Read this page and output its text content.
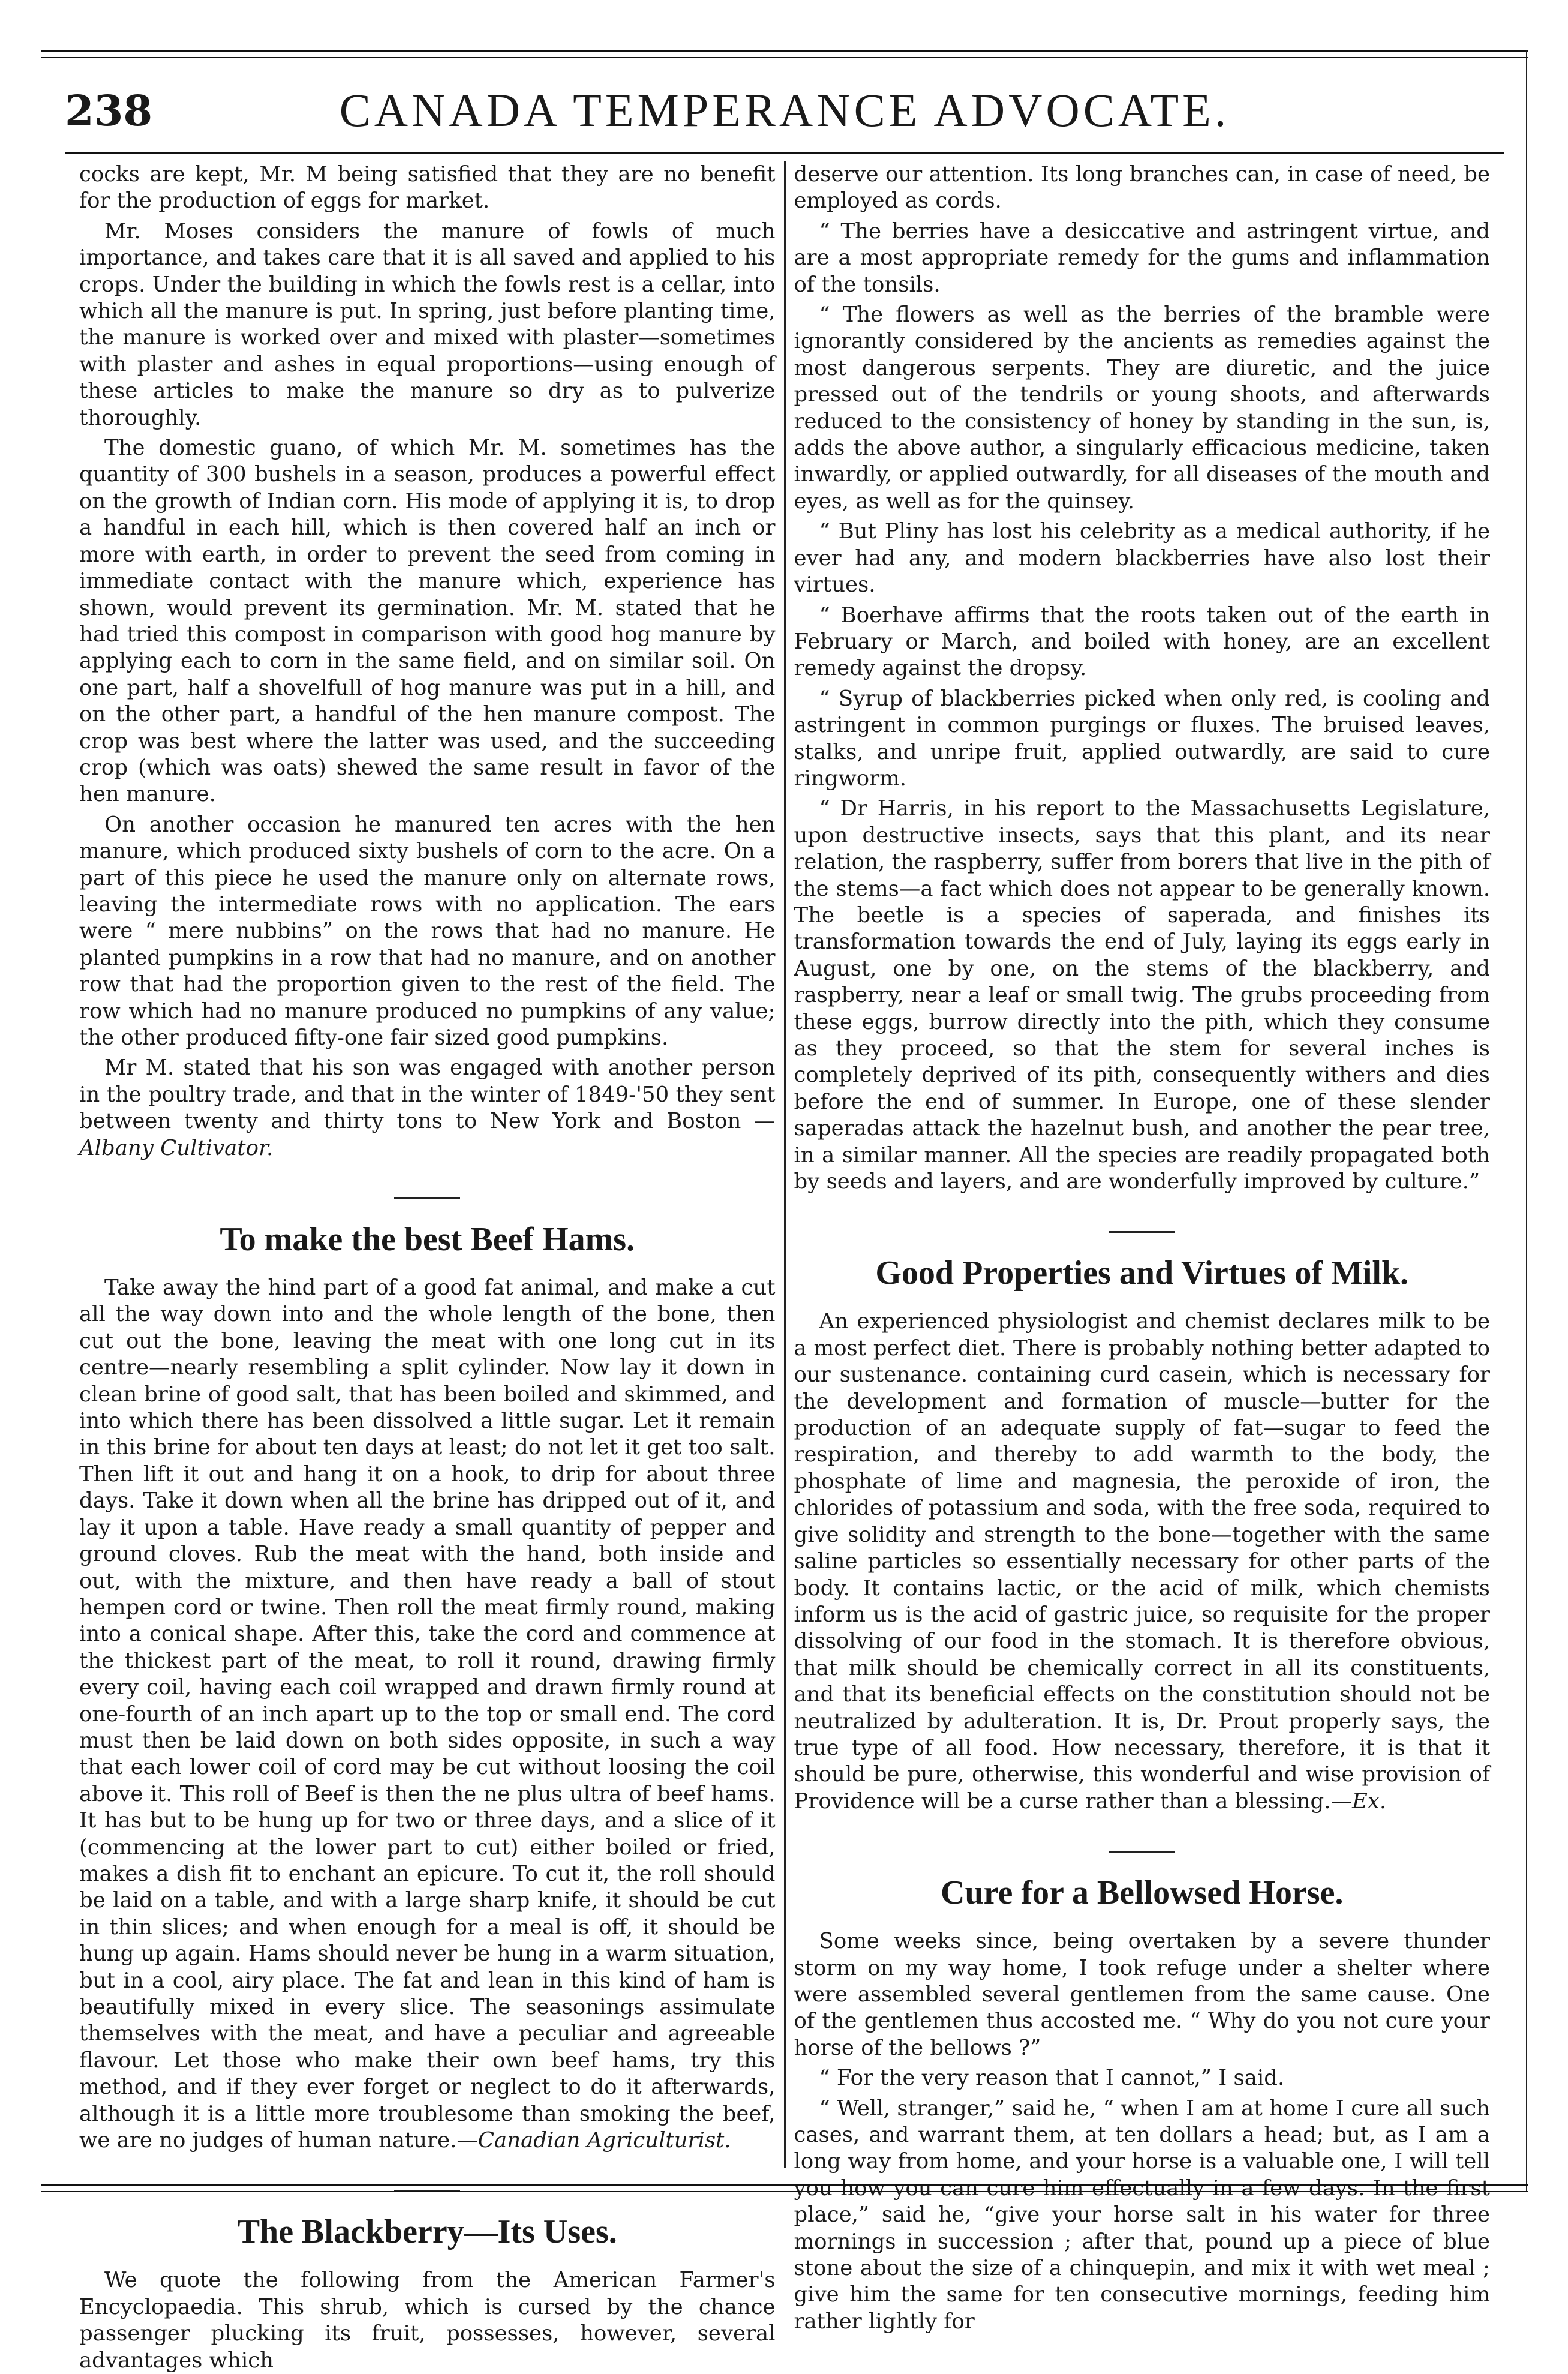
238	CANADA TEMPERANCE ADVOCATE.

cocks are kept, Mr. M being satisfied that they are no benefit for the production of eggs for market.

Mr. Moses considers the manure of fowls of much importance, and takes care that it is all saved and applied to his crops. Under the building in which the fowls rest is a cellar, into which all the manure is put. In spring, just before planting time, the manure is worked over and mixed with plaster—sometimes with plaster and ashes in equal proportions—using enough of these articles to make the manure so dry as to pulverize thoroughly.

The domestic guano, of which Mr. M. sometimes has the quantity of 300 bushels in a season, produces a powerful effect on the growth of Indian corn. His mode of applying it is, to drop a handful in each hill, which is then covered half an inch or more with earth, in order to prevent the seed from coming in immediate contact with the manure which, experience has shown, would prevent its germination. Mr. M. stated that he had tried this compost in comparison with good hog manure by applying each to corn in the same field, and on similar soil. On one part, half a shovelfull of hog manure was put in a hill, and on the other part, a handful of the hen manure compost. The crop was best where the latter was used, and the succeeding crop (which was oats) shewed the same result in favor of the hen manure.

On another occasion he manured ten acres with the hen manure, which produced sixty bushels of corn to the acre. On a part of this piece he used the manure only on alternate rows, leaving the intermediate rows with no application. The ears were “ mere nubbins” on the rows that had no manure. He planted pumpkins in a row that had no manure, and on another row that had the proportion given to the rest of the field. The row which had no manure produced no pumpkins of any value; the other produced fifty-one fair sized good pumpkins.

Mr M. stated that his son was engaged with another person in the poultry trade, and that in the winter of 1849-'50 they sent between twenty and thirty tons to New York and Boston — Albany Cultivator.

To make the best Beef Hams.

Take away the hind part of a good fat animal, and make a cut all the way down into and the whole length of the bone, then cut out the bone, leaving the meat with one long cut in its centre—nearly resembling a split cylinder. Now lay it down in clean brine of good salt, that has been boiled and skimmed, and into which there has been dissolved a little sugar. Let it remain in this brine for about ten days at least; do not let it get too salt. Then lift it out and hang it on a hook, to drip for about three days. Take it down when all the brine has dripped out of it, and lay it upon a table. Have ready a small quantity of pepper and ground cloves. Rub the meat with the hand, both inside and out, with the mixture, and then have ready a ball of stout hempen cord or twine. Then roll the meat firmly round, making into a conical shape. After this, take the cord and commence at the thickest part of the meat, to roll it round, drawing firmly every coil, having each coil wrapped and drawn firmly round at one-fourth of an inch apart up to the top or small end. The cord must then be laid down on both sides opposite, in such a way that each lower coil of cord may be cut without loosing the coil above it. This roll of Beef is then the ne plus ultra of beef hams. It has but to be hung up for two or three days, and a slice of it (commencing at the lower part to cut) either boiled or fried, makes a dish fit to enchant an epicure. To cut it, the roll should be laid on a table, and with a large sharp knife, it should be cut in thin slices; and when enough for a meal is off, it should be hung up again. Hams should never be hung in a warm situation, but in a cool, airy place. The fat and lean in this kind of ham is beautifully mixed in every slice. The seasonings assimulate themselves with the meat, and have a peculiar and agreeable flavour. Let those who make their own beef hams, try this method, and if they ever forget or neglect to do it afterwards, although it is a little more troublesome than smoking the beef, we are no judges of human nature.—Canadian Agriculturist.

The Blackberry—Its Uses.

We quote the following from the American Farmer's Encyclopaedia. This shrub, which is cursed by the chance passenger plucking its fruit, possesses, however, several advantages which

deserve our attention. Its long branches can, in case of need, be employed as cords.

“ The berries have a desiccative and astringent virtue, and are a most appropriate remedy for the gums and inflammation of the tonsils.

“ The flowers as well as the berries of the bramble were ignorantly considered by the ancients as remedies against the most dangerous serpents. They are diuretic, and the juice pressed out of the tendrils or young shoots, and afterwards reduced to the consistency of honey by standing in the sun, is, adds the above author, a singularly efficacious medicine, taken inwardly, or applied outwardly, for all diseases of the mouth and eyes, as well as for the quinsey.

“ But Pliny has lost his celebrity as a medical authority, if he ever had any, and modern blackberries have also lost their virtues.

“ Boerhave affirms that the roots taken out of the earth in February or March, and boiled with honey, are an excellent remedy against the dropsy.

“ Syrup of blackberries picked when only red, is cooling and astringent in common purgings or fluxes. The bruised leaves, stalks, and unripe fruit, applied outwardly, are said to cure ringworm.

“ Dr Harris, in his report to the Massachusetts Legislature, upon destructive insects, says that this plant, and its near relation, the raspberry, suffer from borers that live in the pith of the stems—a fact which does not appear to be generally known. The beetle is a species of saperada, and finishes its transformation towards the end of July, laying its eggs early in August, one by one, on the stems of the blackberry, and raspberry, near a leaf or small twig. The grubs proceeding from these eggs, burrow directly into the pith, which they consume as they proceed, so that the stem for several inches is completely deprived of its pith, consequently withers and dies before the end of summer. In Europe, one of these slender saperadas attack the hazelnut bush, and another the pear tree, in a similar manner. All the species are readily propagated both by seeds and layers, and are wonderfully improved by culture.”

Good Properties and Virtues of Milk.

An experienced physiologist and chemist declares milk to be a most perfect diet. There is probably nothing better adapted to our sustenance. containing curd casein, which is necessary for the development and formation of muscle—butter for the production of an adequate supply of fat—sugar to feed the respiration, and thereby to add warmth to the body, the phosphate of lime and magnesia, the peroxide of iron, the chlorides of potassium and soda, with the free soda, required to give solidity and strength to the bone—together with the same saline particles so essentially necessary for other parts of the body. It contains lactic, or the acid of milk, which chemists inform us is the acid of gastric juice, so requisite for the proper dissolving of our food in the stomach. It is therefore obvious, that milk should be chemically correct in all its constituents, and that its beneficial effects on the constitution should not be neutralized by adulteration. It is, Dr. Prout properly says, the true type of all food. How necessary, therefore, it is that it should be pure, otherwise, this wonderful and wise provision of Providence will be a curse rather than a blessing.—Ex.

Cure for a Bellowsed Horse.

Some weeks since, being overtaken by a severe thunder storm on my way home, I took refuge under a shelter where were assembled several gentlemen from the same cause. One of the gentlemen thus accosted me. “ Why do you not cure your horse of the bellows ?”

“ For the very reason that I cannot,” I said.

“ Well, stranger,” said he, “ when I am at home I cure all such cases, and warrant them, at ten dollars a head; but, as I am a long way from home, and your horse is a valuable one, I will tell you how you can cure him effectually in a few days. In the first place,” said he, “give your horse salt in his water for three mornings in succession ; after that, pound up a piece of blue stone about the size of a chinquepin, and mix it with wet meal ; give him the same for ten consecutive mornings, feeding him rather lightly for
